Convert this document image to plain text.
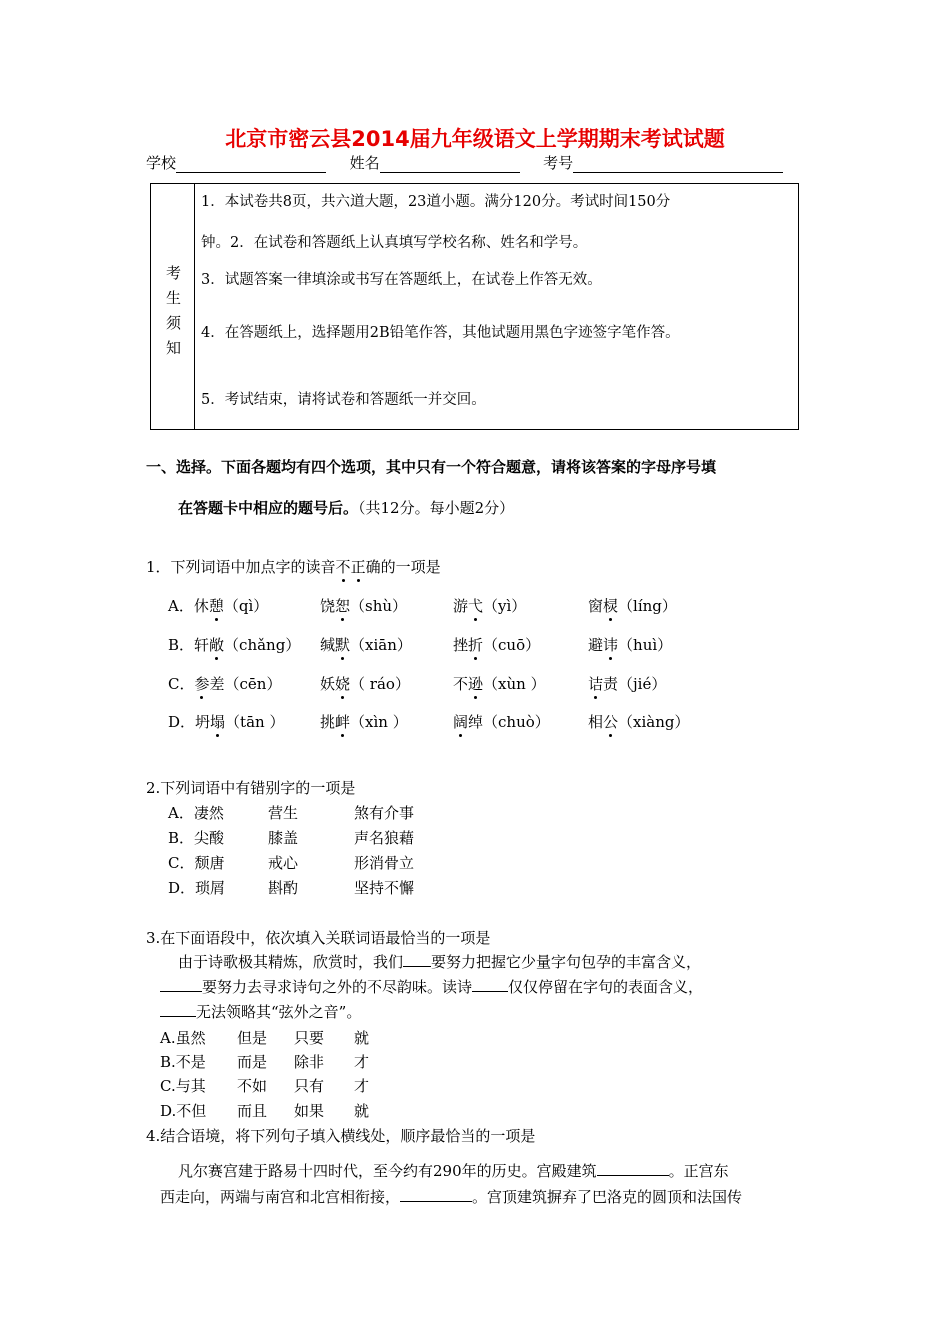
北京市密云县2014届九年级语文上学期期末考试试题
学校	姓名	考号
考
生
须
知
1．本试卷共8页，共六道大题，23道小题。满分120分。考试时间150分
钟。2．在试卷和答题纸上认真填写学校名称、姓名和学号。
3．试题答案一律填涂或书写在答题纸上，在试卷上作答无效。
4．在答题纸上，选择题用2B铅笔作答，其他试题用黑色字迹签字笔作答。
5．考试结束，请将试卷和答题纸一并交回。
一、选择。下面各题均有四个选项，其中只有一个符合题意，请将该答案的字母序号填
在答题卡中相应的题号后。（共12分。每小题2分）
1．下列词语中加点字的读音不正确的一项是
A．休憩（qì）	饶恕（shù）	游弋（yì）	窗棂（líng）
B．轩敞（chǎng） 缄默（xiān）	挫折（cuō）	避讳（huì）
C．参差（cēn）	妖娆（ ráo）	不逊（xùn ）	诘责（jié）
D．坍塌（tān ） 挑衅（xìn ）	阔绰（chuò）	相公（xiàng）
2.下列词语中有错别字的一项是
A．凄然	营生	煞有介事
B．尖酸	膝盖	声名狼藉
C．颓唐	戒心	形消骨立
D．琐屑	斟酌	坚持不懈
3.在下面语段中，依次填入关联词语最恰当的一项是
由于诗歌极其精炼，欣赏时，我们 要努力把握它少量字句包孕的丰富含义，
要努力去寻求诗句之外的不尽韵味。读诗 仅仅停留在字句的表面含义，
无法领略其“弦外之音”。
A.虽然 但是 只要 就
B.不是 而是 除非 才
C.与其 不如 只有 才
D.不但 而且 如果 就
4.结合语境，将下列句子填入横线处，顺序最恰当的一项是
凡尔赛宫建于路易十四时代，至今约有290年的历史。宫殿建筑	。正宫东
西走向，两端与南宫和北宫相衔接，	。宫顶建筑摒弃了巴洛克的圆顶和法国传
